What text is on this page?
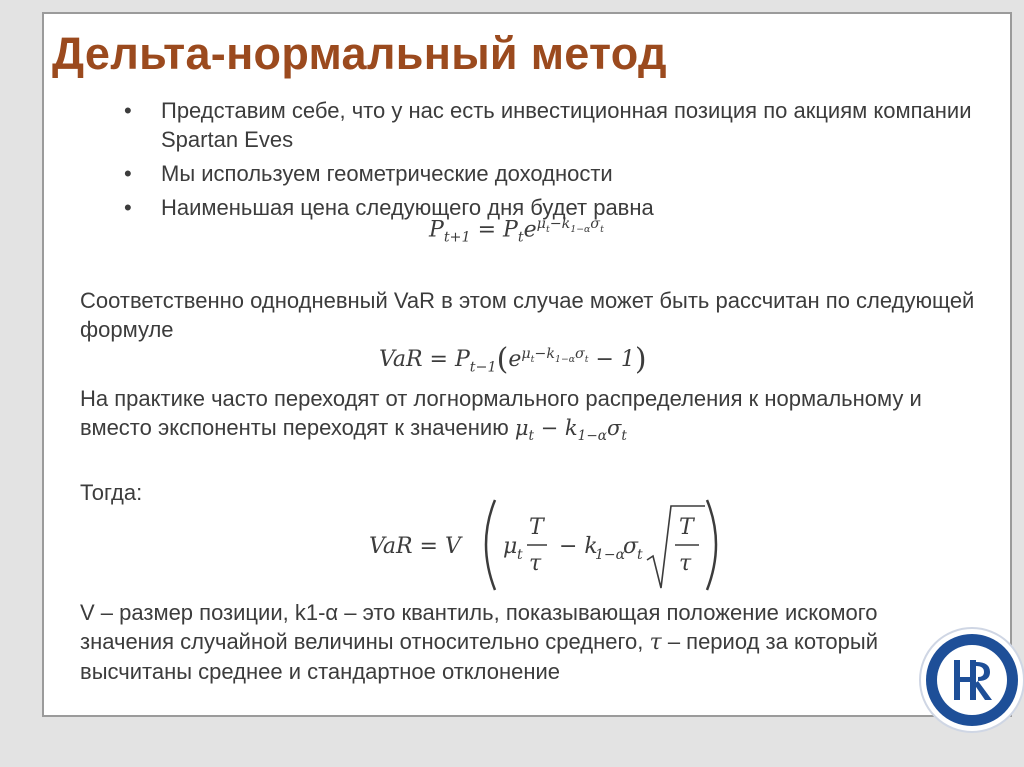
Дельта-нормальный метод
• Представим себе, что у нас есть инвестиционная позиция по акциям компании Spartan Eves
• Мы используем геометрические доходности
• Наименьшая цена следующего дня будет равна
$P_{t+1} = P_te^{\mu_t-k_{1-\alpha}\sigma_t}$
Соответственно однодневный VaR в этом случае может быть рассчитан по следующей формуле
VaR = $P_{t-1}(e^{\mu_t-k_{1-\alpha}\sigma_t} - 1)$
На практике часто переходят от логнормального распределения к нормальному и вместо экспоненты переходят к значению $\mu_t - k_{1-\alpha}\sigma_t$
Тогда:
VaR = V μ t
T
τ
− k
1−α
σ
t
T
τ
V – размер позиции, k1-α – это квантиль, показывающая положение искомого значения случайной величины относительно среднего, τ – период за который высчитаны среднее и стандартное отклонение
